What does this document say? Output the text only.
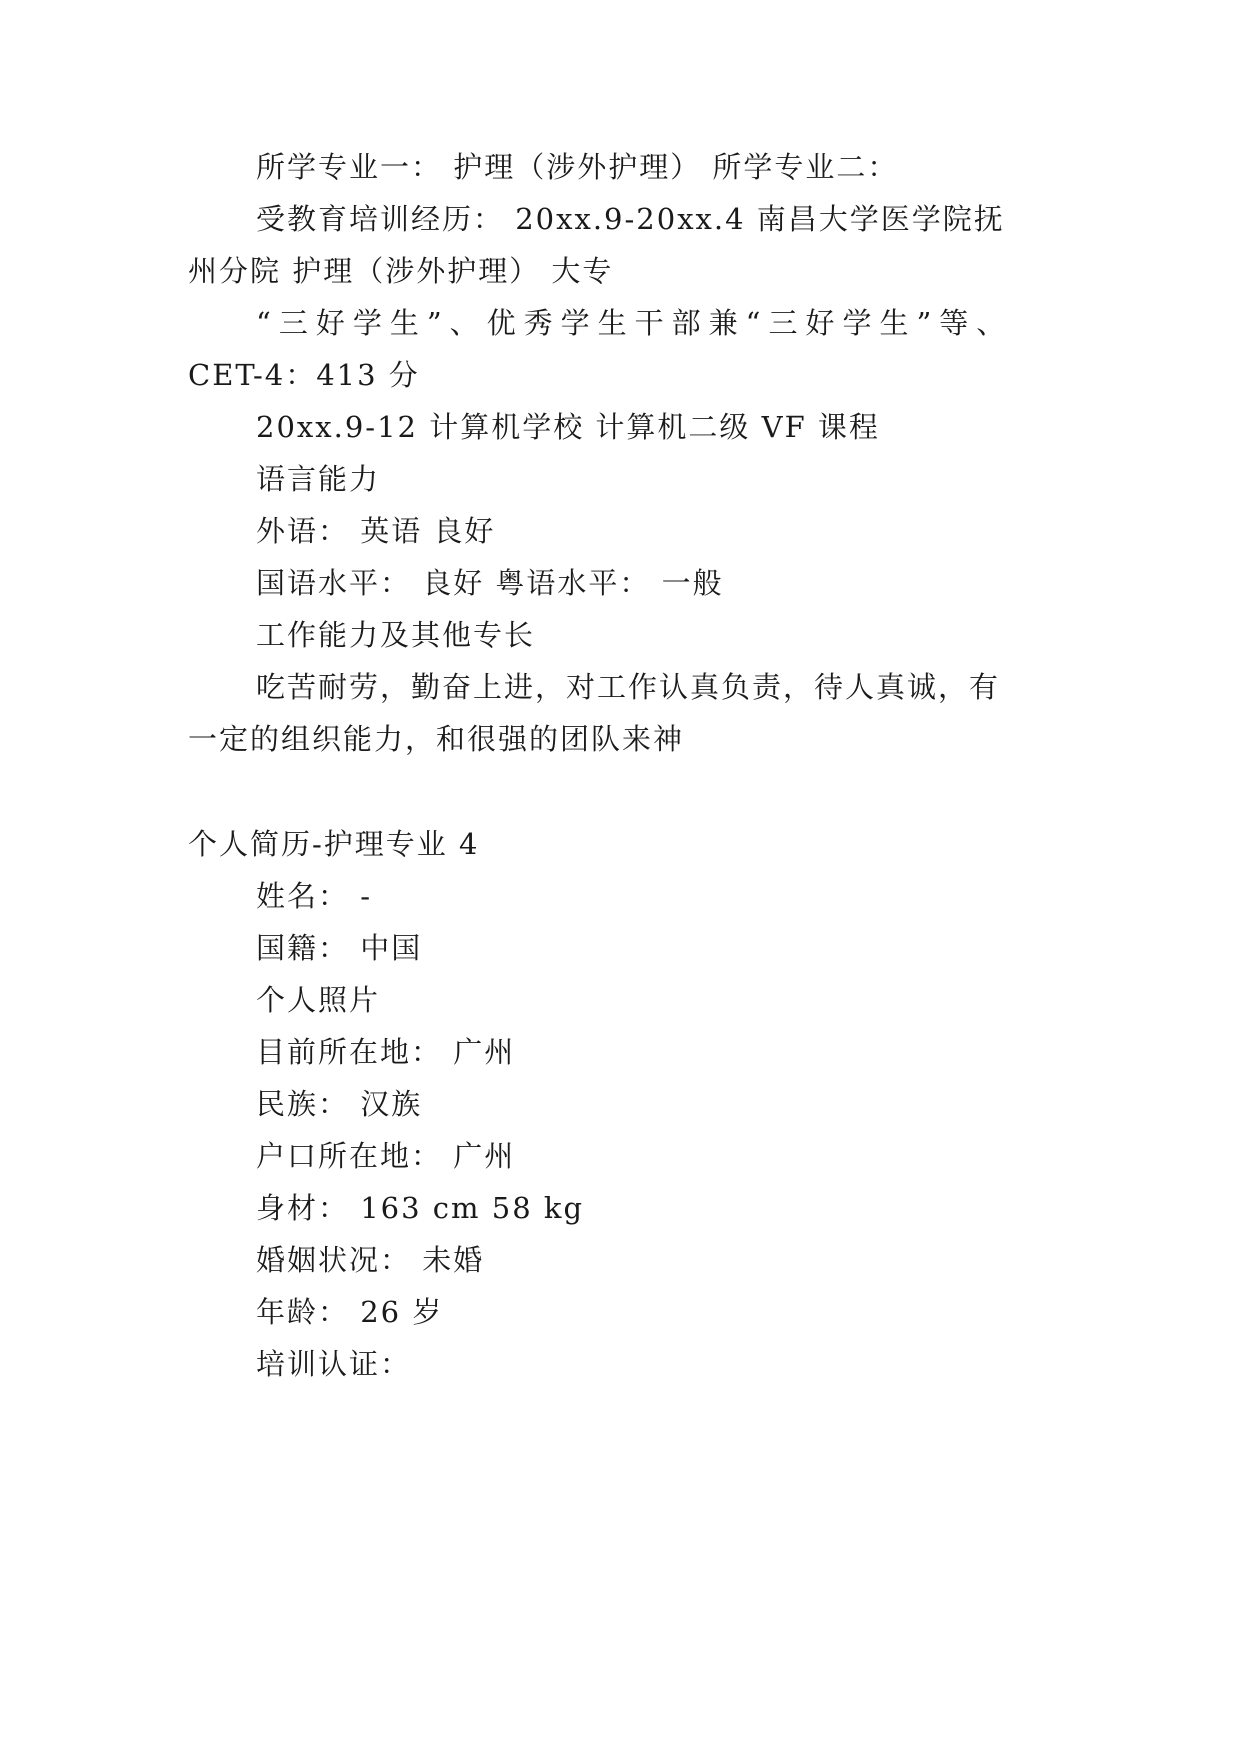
所学专业一： 护理（涉外护理） 所学专业二：

受教育培训经历： 20xx.9-20xx.4 南昌大学医学院抚

州分院 护理（涉外护理） 大专

“三好学生”、优秀学生干部兼“三好学生”等、

CET-4：413 分

20xx.9-12 计算机学校 计算机二级 VF 课程

语言能力

外语： 英语 良好

国语水平： 良好 粤语水平： 一般

工作能力及其他专长

吃苦耐劳，勤奋上进，对工作认真负责，待人真诚，有

一定的组织能力，和很强的团队来神

个人简历-护理专业 4

姓名： -

国籍： 中国

个人照片

目前所在地： 广州

民族： 汉族

户口所在地： 广州

身材： 163 cm 58 kg

婚姻状况： 未婚

年龄： 26 岁

培训认证：
